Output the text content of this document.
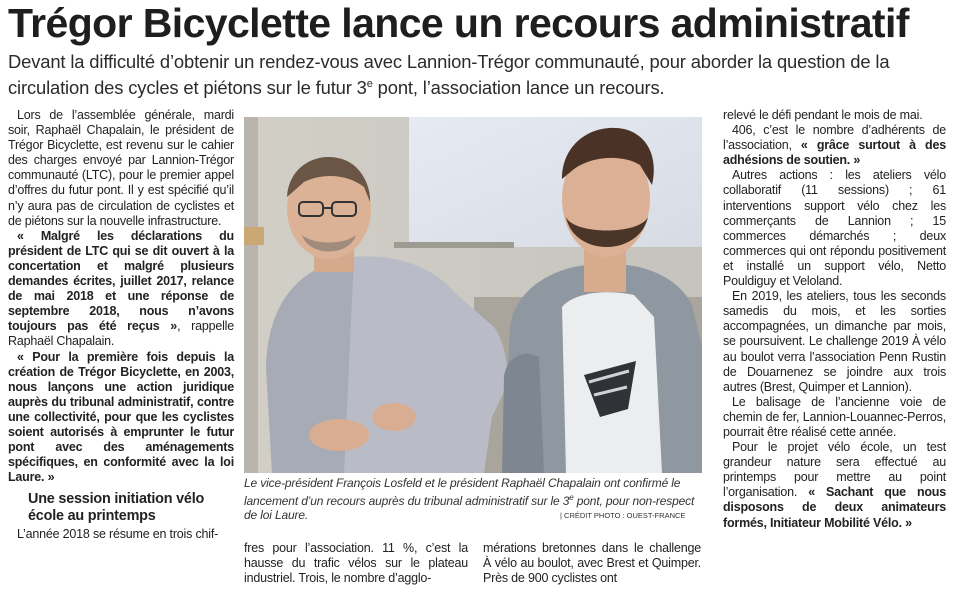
Trégor Bicyclette lance un recours administratif
Devant la difficulté d’obtenir un rendez-vous avec Lannion-Trégor communauté, pour aborder la question de la circulation des cycles et piétons sur le futur 3e pont, l’association lance un recours.

Lors de l’assemblée générale, mardi soir, Raphaël Chapalain, le président de Trégor Bicyclette, est revenu sur le cahier des charges envoyé par Lannion-Trégor communauté (LTC), pour le premier appel d’offres du futur pont. Il y est spécifié qu’il n’y aura pas de circulation de cyclistes et de piétons sur la nouvelle infrastructure.

« Malgré les déclarations du président de LTC qui se dit ouvert à la concertation et malgré plusieurs demandes écrites, juillet 2017, relance de mai 2018 et une réponse de septembre 2018, nous n’avons toujours pas été reçus », rappelle Raphaël Chapalain.

« Pour la première fois depuis la création de Trégor Bicyclette, en 2003, nous lançons une action juridique auprès du tribunal administratif, contre une collectivité, pour que les cyclistes soient autorisés à emprunter le futur pont avec des aménagements spécifiques, en conformité avec la loi Laure. »

Une session initiation vélo école au printemps

L’année 2018 se résume en trois chif-

Le vice-président François Losfeld et le président Raphaël Chapalain ont confirmé le lancement d’un recours auprès du tribunal administratif sur le 3e pont, pour non-respect de loi Laure.	| CRÉDIT PHOTO : OUEST-FRANCE

fres pour l’association. 11 %, c’est la hausse du trafic vélos sur le plateau industriel. Trois, le nombre d’agglo-

mérations bretonnes dans le challenge À vélo au boulot, avec Brest et Quimper. Près de 900 cyclistes ont

relevé le défi pendant le mois de mai.

406, c’est le nombre d’adhérents de l’association, « grâce surtout à des adhésions de soutien. »

Autres actions : les ateliers vélo collaboratif (11 sessions) ; 61 interventions support vélo chez les commerçants de Lannion ; 15 commerces démarchés ; deux commerces qui ont répondu positivement et installé un support vélo, Netto Pouldiguy et Veloland.

En 2019, les ateliers, tous les seconds samedis du mois, et les sorties accompagnées, un dimanche par mois, se poursuivent. Le challenge 2019 À vélo au boulot verra l’association Penn Rustin de Douarnenez se joindre aux trois autres (Brest, Quimper et Lannion).

Le balisage de l’ancienne voie de chemin de fer, Lannion-Louannec-Perros, pourrait être réalisé cette année.

Pour le projet vélo école, un test grandeur nature sera effectué au printemps pour mettre au point l’organisation. « Sachant que nous disposons de deux animateurs formés, Initiateur Mobilité Vélo. »
